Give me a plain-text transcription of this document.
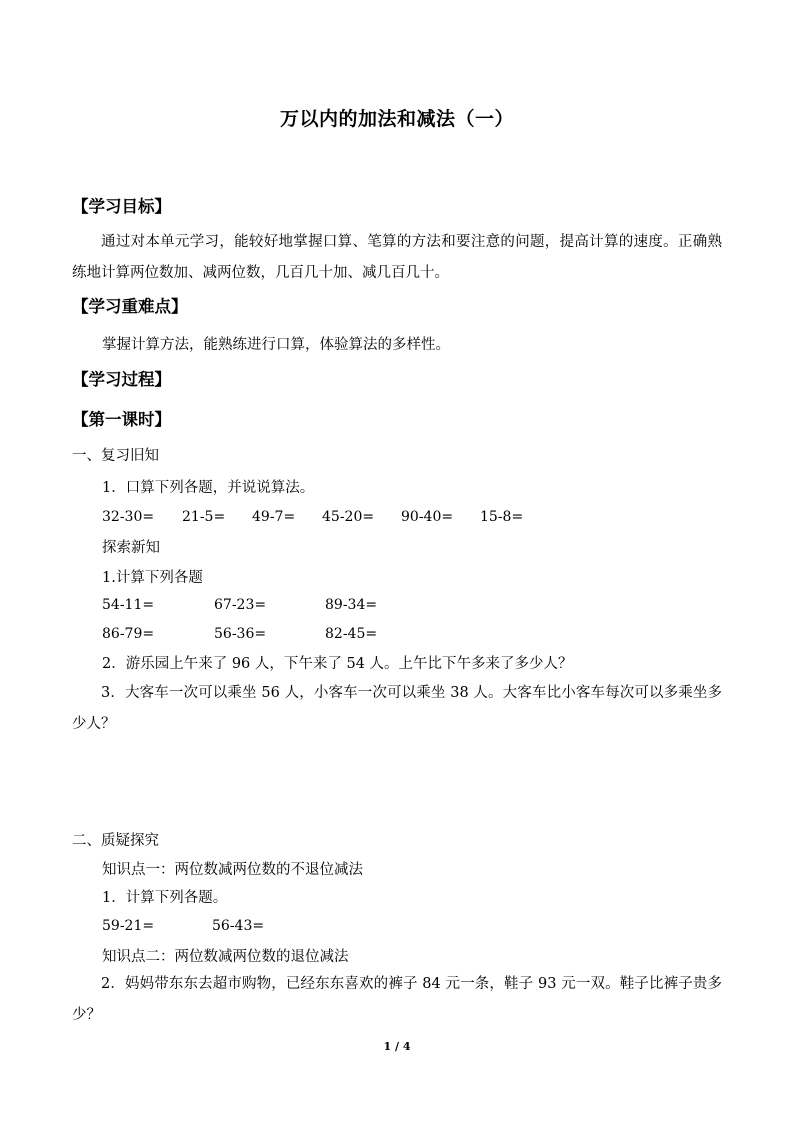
万以内的加法和减法（一）
【学习目标】
通过对本单元学习，能较好地掌握口算、笔算的方法和要注意的问题，提高计算的速度。正确熟练地计算两位数加、减两位数，几百几十加、减几百几十。
【学习重难点】
掌握计算方法，能熟练进行口算，体验算法的多样性。
【学习过程】
【第一课时】
一、复习旧知
1．口算下列各题，并说说算法。
32-30= 21-5= 49-7= 45-20= 90-40= 15-8=
探索新知
1.计算下列各题
54-11=	67-23=	89-34=
86-79=	56-36=	82-45=
2．游乐园上午来了 96 人，下午来了 54 人。上午比下午多来了多少人？
3．大客车一次可以乘坐 56 人，小客车一次可以乘坐 38 人。大客车比小客车每次可以多乘坐多少人？
二、质疑探究
知识点一：两位数减两位数的不退位减法
1．计算下列各题。
59-21=	56-43=
知识点二：两位数减两位数的退位减法
2．妈妈带东东去超市购物，已经东东喜欢的裤子 84 元一条，鞋子 93 元一双。鞋子比裤子贵多少？
1 / 4
